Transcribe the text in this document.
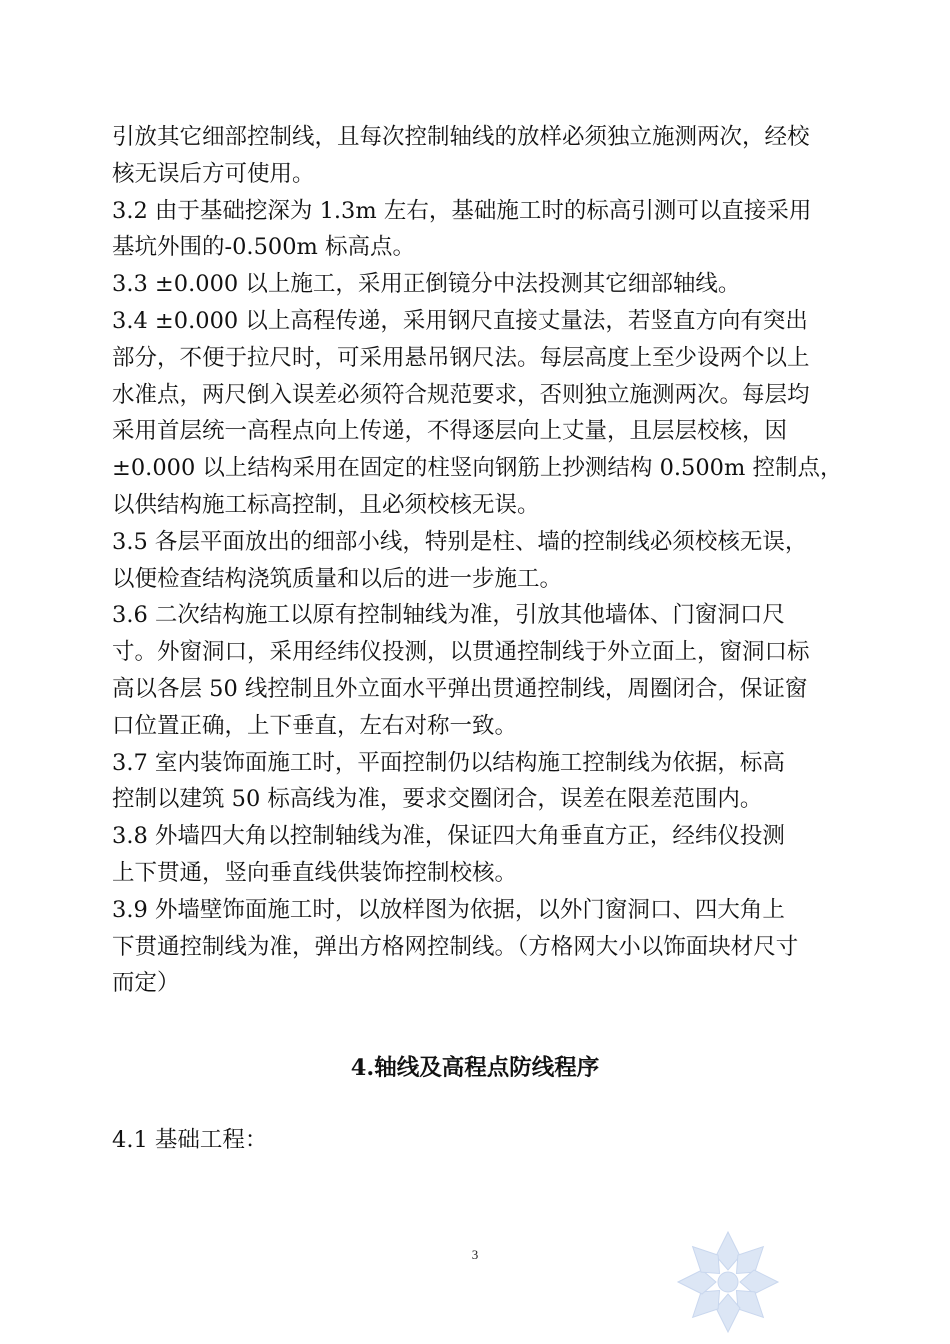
引放其它细部控制线，且每次控制轴线的放样必须独立施测两次，经校
核无误后方可使用。
3.2 由于基础挖深为 1.3m 左右，基础施工时的标高引测可以直接采用
基坑外围的-0.500m 标高点。
3.3 ±0.000 以上施工，采用正倒镜分中法投测其它细部轴线。
3.4 ±0.000 以上高程传递，采用钢尺直接丈量法，若竖直方向有突出
部分，不便于拉尺时，可采用悬吊钢尺法。每层高度上至少设两个以上
水准点，两尺倒入误差必须符合规范要求，否则独立施测两次。每层均
采用首层统一高程点向上传递，不得逐层向上丈量，且层层校核，因
±0.000 以上结构采用在固定的柱竖向钢筋上抄测结构 0.500m 控制点，
以供结构施工标高控制，且必须校核无误。
3.5 各层平面放出的细部小线，特别是柱、墙的控制线必须校核无误，
以便检查结构浇筑质量和以后的进一步施工。
3.6 二次结构施工以原有控制轴线为准，引放其他墙体、门窗洞口尺
寸。外窗洞口，采用经纬仪投测，以贯通控制线于外立面上，窗洞口标
高以各层 50 线控制且外立面水平弹出贯通控制线，周圈闭合，保证窗
口位置正确，上下垂直，左右对称一致。
3.7 室内装饰面施工时，平面控制仍以结构施工控制线为依据，标高
控制以建筑 50 标高线为准，要求交圈闭合，误差在限差范围内。
3.8 外墙四大角以控制轴线为准，保证四大角垂直方正，经纬仪投测
上下贯通，竖向垂直线供装饰控制校核。
3.9 外墙壁饰面施工时，以放样图为依据，以外门窗洞口、四大角上
下贯通控制线为准，弹出方格网控制线。（方格网大小以饰面块材尺寸
而定）
4.轴线及高程点防线程序
4.1 基础工程：
3
